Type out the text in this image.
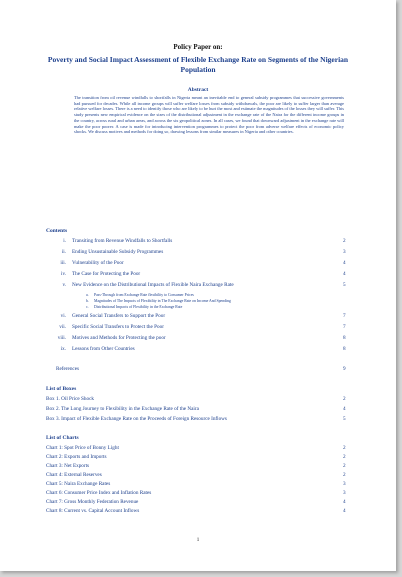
Policy Paper on:
Poverty and Social Impact Assessment of Flexible Exchange Rate on Segments of the Nigerian Population
Abstract
The transition from oil revenue windfalls to shortfalls in Nigeria meant an inevitable end to general subsidy programmes that successive governments had pursued for decades. While all income groups will suffer welfare losses from subsidy withdrawals, the poor are likely to suffer larger than average relative welfare losses. There is a need to identify those who are likely to be hurt the most and estimate the magnitudes of the losses they will suffer. This study presents new empirical evidence on the sizes of the distributional adjustment in the exchange rate of the Naira for the different income groups in the country, across rural and urban areas, and across the six geopolitical zones. In all cases, we found that downward adjustment in the exchange rate will make the poor poorer. A case is made for introducing intervention programmes to protect the poor from adverse welfare effects of economic policy shocks. We discuss motives and methods for doing so, drawing lessons from similar measures in Nigeria and other countries.
Contents
i. Transiting from Revenue Windfalls to Shortfalls	2
ii. Ending Unsustainable Subsidy Programmes	3
iii. Vulnerability of the Poor	4
iv. The Case for Protecting the Poor	4
v. New Evidence on the Distributional Impacts of Flexible Naira Exchange Rate	5
a. Pass-Through from Exchange Rate flexibility to Consumer Prices
b. Magnitudes of The Impacts of Flexibility in The Exchange Rate on Income And Spending
c. Distributional Impacts of Flexibility in the Exchange Rate
vi. General Social Transfers to Support the Poor	7
vii. Specific Social Transfers to Protect the Poor	7
viii. Motives and Methods for Protecting the poor	8
ix. Lessons from Other Countries	8
References	9
List of Boxes
Box 1. Oil Price Shock	2
Box 2. The Long Journey to Flexibility in the Exchange Rate of the Naira	4
Box 3. Impact of Flexible Exchange Rate on the Proceeds of Foreign Resource Inflows	5
List of Charts
Chart 1: Spot Price of Bonny Light	2
Chart 2: Exports and Imports	2
Chart 3: Net Exports	2
Chart 4: External Reserves	2
Chart 5: Naira Exchange Rates	3
Chart 6: Consumer Price Index and Inflation Rates	3
Chart 7: Gross Monthly Federation Revenue	4
Chart 8: Current vs. Capital Account Inflows	4
1
